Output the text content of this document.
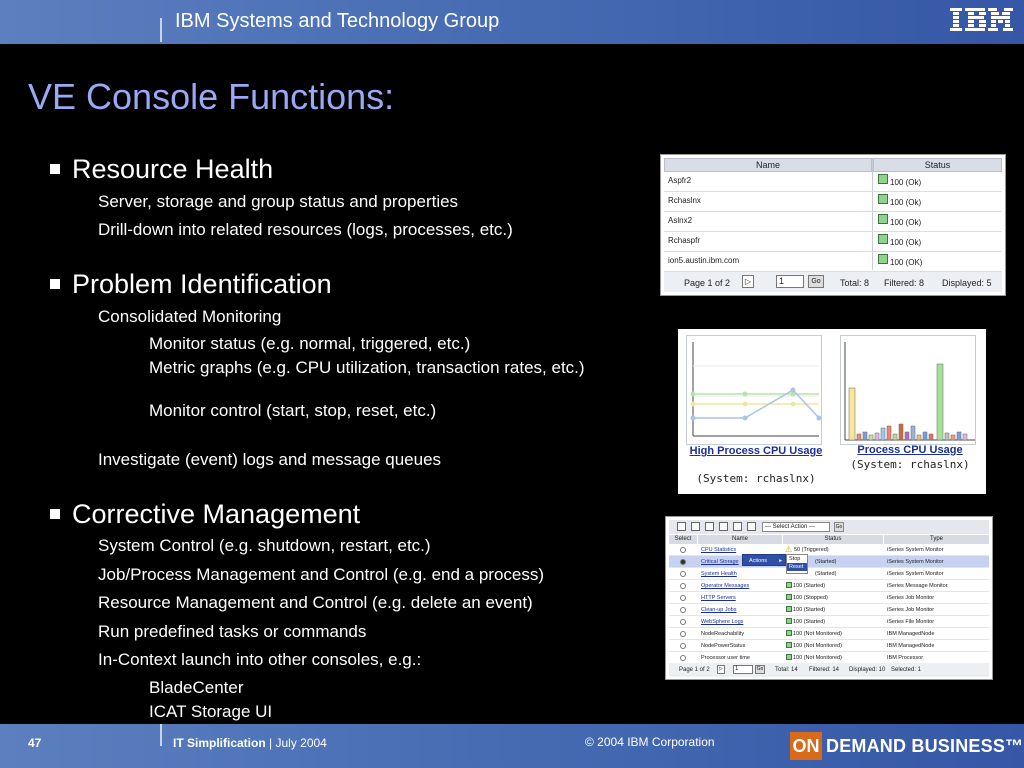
IBM Systems and Technology Group
VE Console Functions:
Resource Health
Server, storage and group status and properties
Drill-down into related resources (logs, processes, etc.)
Problem Identification
Consolidated Monitoring
Monitor status (e.g. normal, triggered, etc.)
Metric graphs (e.g. CPU utilization, transaction rates, etc.)
Monitor control (start, stop, reset, etc.)
Investigate (event) logs and message queues
Corrective Management
System Control (e.g. shutdown, restart, etc.)
Job/Process Management and Control (e.g. end a process)
Resource Management and Control (e.g. delete an event)
Run predefined tasks or commands
In-Context launch into other consoles, e.g.:
BladeCenter
ICAT Storage UI
Name	Status
Aspfr2	100 (Ok)
Rchaslnx	100 (Ok)
Aslnx2	100 (Ok)
Rchaspfr	100 (Ok)
ion5.austin.ibm.com	100 (OK)
Page 1 of 2	▷	1	Go	Total: 8 Filtered: 8 Displayed: 5
High Process CPU Usage
(System: rchaslnx)
Process CPU Usage
(System: rchaslnx)
--- Select Action ---	Go
Select	Name	Status	Type
CPU Statistics	⚠ 50 (Triggered)	iSeries System Monitor
Critical Storage	(Started)	iSeries System Monitor
System Health	(Started)	iSeries System Monitor
Operator Messages	100 (Started)	iSeries Message Monitor
HTTP Servers	100 (Stopped)	iSeries Job Monitor
Clean-up Jobs	100 (Started)	iSeries Job Monitor
WebSphere Logs	100 (Started)	iSeries File Monitor
NodeReachability	100 (Not Monitored)	IBM ManagedNode
NodePowerStatus	100 (Not Monitored)	IBM ManagedNode
Processor user time	100 (Not Monitored)	IBM Processor
Actions ▸	Stop
Reset
Page 1 of 2	▷	1	Go Total: 14 Filtered: 14 Displayed: 10 Selected: 1
47	IT Simplification | July 2004	© 2004 IBM Corporation	ON DEMAND BUSINESS™
